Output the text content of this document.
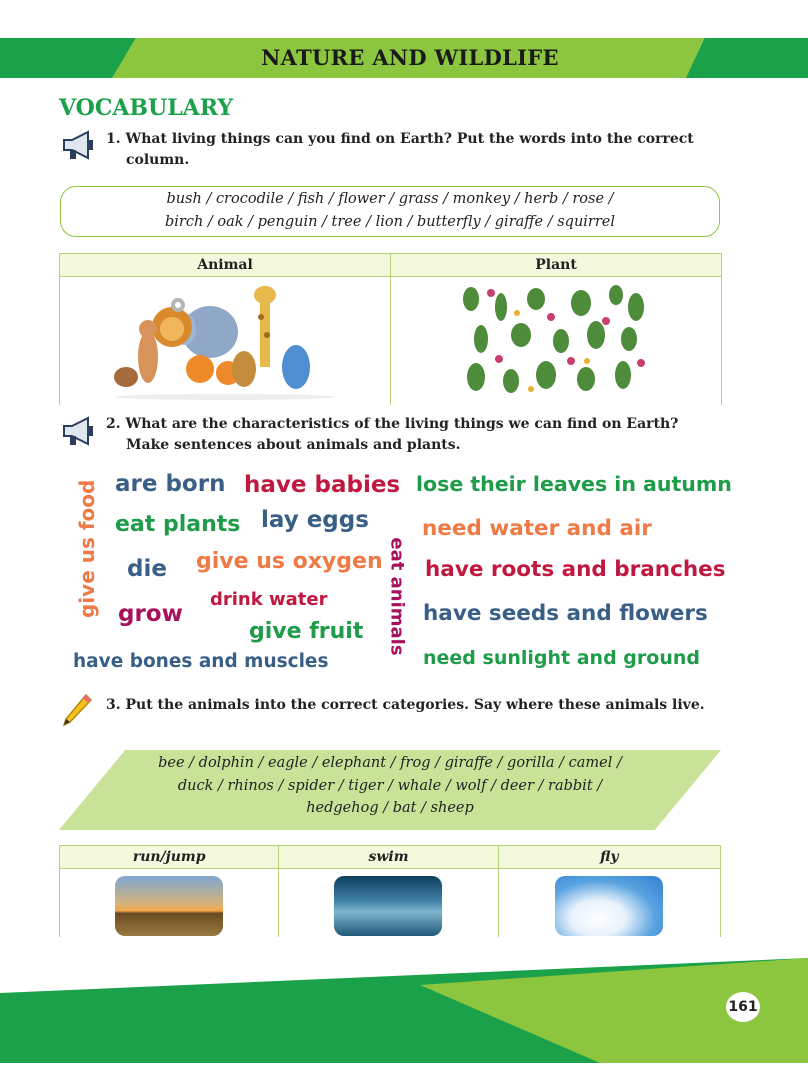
NATURE AND WILDLIFE
VOCABULARY
1. What living things can you find on Earth? Put the words into the correct
column.
bush / crocodile / fish / flower / grass / monkey / herb / rose /
birch / oak / penguin / tree / lion / butterfly / giraffe / squirrel
Animal	Plant

2. What are the characteristics of the living things we can find on Earth?
Make sentences about animals and plants.
are born have babies lose their leaves in autumn
eat plants lay eggs need water and air
die give us oxygen have roots and branches
drink water
grow	have seeds and flowers
give fruit
have bones and muscles	need sunlight and ground
give us food	eat animals
3. Put the animals into the correct categories. Say where these animals live.
bee / dolphin / eagle / elephant / frog / giraffe / gorilla / camel /
duck / rhinos / spider / tiger / whale / wolf / deer / rabbit /
hedgehog / bat / sheep
run/jump	swim	fly

161
